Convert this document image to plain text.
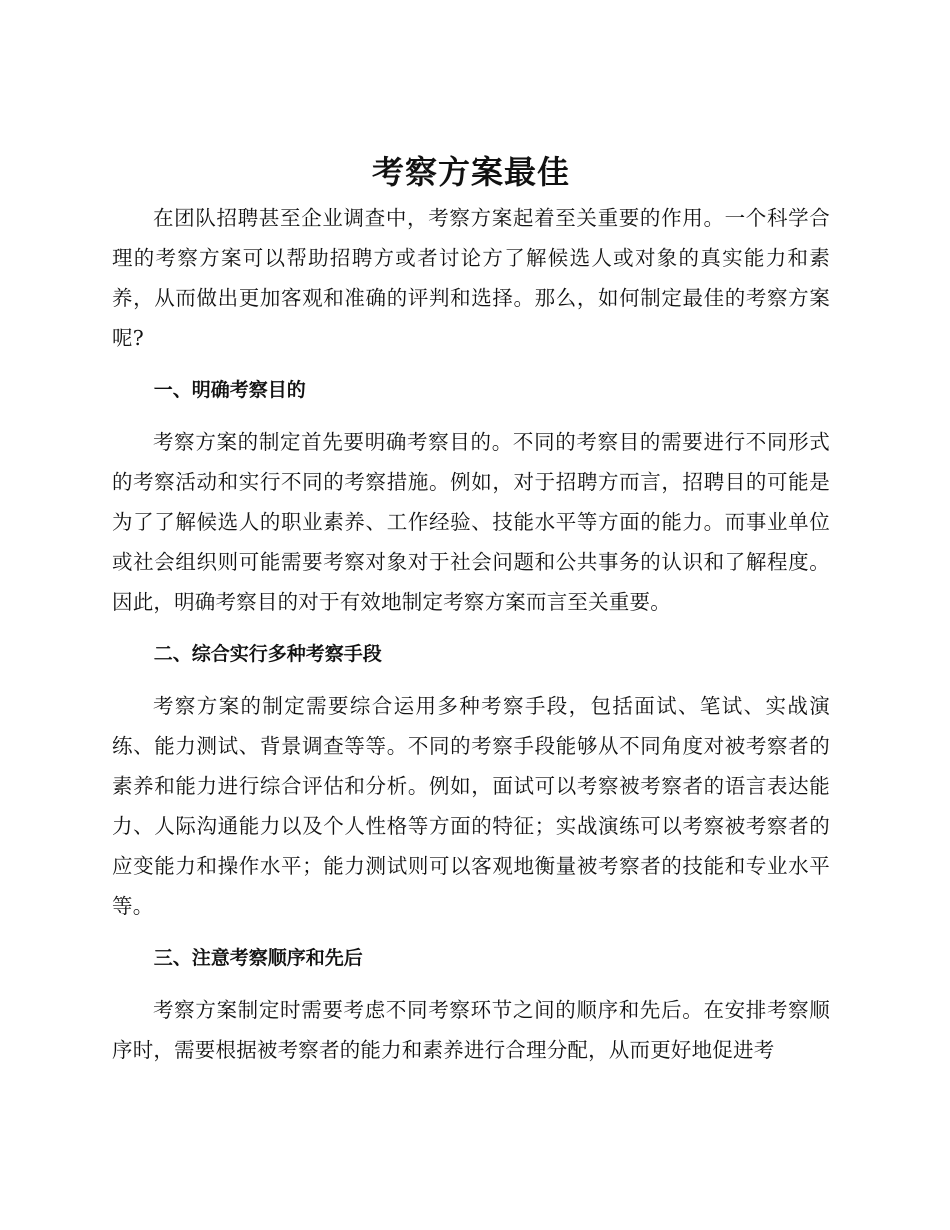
考察方案最佳

在团队招聘甚至企业调查中，考察方案起着至关重要的作用。一个科学合理的考察方案可以帮助招聘方或者讨论方了解候选人或对象的真实能力和素养，从而做出更加客观和准确的评判和选择。那么，如何制定最佳的考察方案呢?

一、明确考察目的

考察方案的制定首先要明确考察目的。不同的考察目的需要进行不同形式的考察活动和实行不同的考察措施。例如，对于招聘方而言，招聘目的可能是为了了解候选人的职业素养、工作经验、技能水平等方面的能力。而事业单位或社会组织则可能需要考察对象对于社会问题和公共事务的认识和了解程度。因此，明确考察目的对于有效地制定考察方案而言至关重要。

二、综合实行多种考察手段

考察方案的制定需要综合运用多种考察手段，包括面试、笔试、实战演练、能力测试、背景调查等等。不同的考察手段能够从不同角度对被考察者的素养和能力进行综合评估和分析。例如，面试可以考察被考察者的语言表达能力、人际沟通能力以及个人性格等方面的特征；实战演练可以考察被考察者的应变能力和操作水平；能力测试则可以客观地衡量被考察者的技能和专业水平等。

三、注意考察顺序和先后

考察方案制定时需要考虑不同考察环节之间的顺序和先后。在安排考察顺序时，需要根据被考察者的能力和素养进行合理分配，从而更好地促进考
